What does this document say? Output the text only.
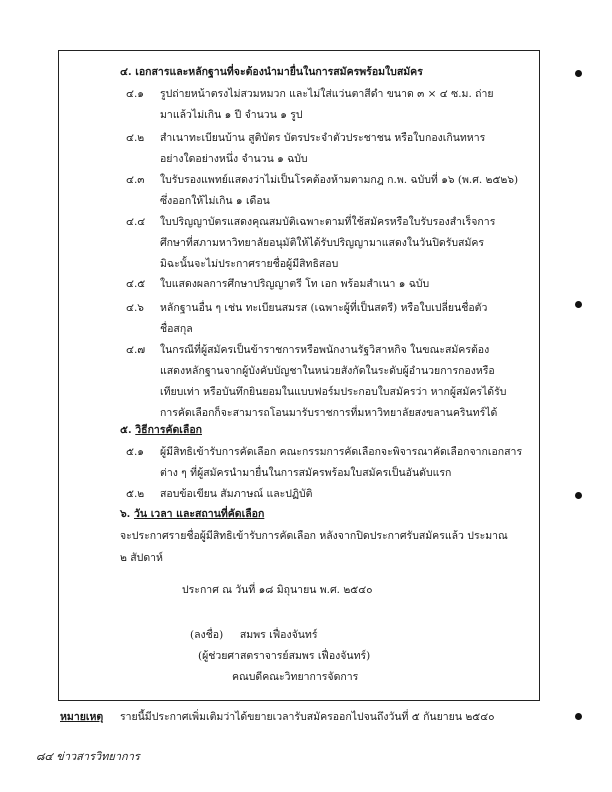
๔. เอกสารและหลักฐานที่จะต้องนำมายื่นในการสมัครพร้อมใบสมัคร
๔.๑ รูปถ่ายหน้าตรงไม่สวมหมวก และไม่ใส่แว่นตาสีดำ ขนาด ๓ × ๔ ซ.ม. ถ่าย
มาแล้วไม่เกิน ๑ ปี จำนวน ๑ รูป
๔.๒ สำเนาทะเบียนบ้าน สูติบัตร บัตรประจำตัวประชาชน หรือใบกองเกินทหาร
อย่างใดอย่างหนึ่ง จำนวน ๑ ฉบับ
๔.๓ ใบรับรองแพทย์แสดงว่าไม่เป็นโรคต้องห้ามตามกฎ ก.พ. ฉบับที่ ๑๖ (พ.ศ. ๒๕๒๖)
ซึ่งออกให้ไม่เกิน ๑ เดือน
๔.๔ ใบปริญญาบัตรแสดงคุณสมบัติเฉพาะตามที่ใช้สมัครหรือใบรับรองสำเร็จการ
ศึกษาที่สภามหาวิทยาลัยอนุมัติให้ได้รับปริญญามาแสดงในวันปิดรับสมัคร
มิฉะนั้นจะไม่ประกาศรายชื่อผู้มีสิทธิสอบ
๔.๕ ใบแสดงผลการศึกษาปริญญาตรี โท เอก พร้อมสำเนา ๑ ฉบับ
๔.๖ หลักฐานอื่น ๆ เช่น ทะเบียนสมรส (เฉพาะผู้ที่เป็นสตรี) หรือใบเปลี่ยนชื่อตัว
ชื่อสกุล
๔.๗ ในกรณีที่ผู้สมัครเป็นข้าราชการหรือพนักงานรัฐวิสาหกิจ ในขณะสมัครต้อง
แสดงหลักฐานจากผู้บังคับบัญชาในหน่วยสังกัดในระดับผู้อำนวยการกองหรือ
เทียบเท่า หรือบันทึกยินยอมในแบบฟอร์มประกอบใบสมัครว่า หากผู้สมัครได้รับ
การคัดเลือกก็จะสามารถโอนมารับราชการที่มหาวิทยาลัยสงขลานครินทร์ได้
๕. วิธีการคัดเลือก
๕.๑ ผู้มีสิทธิเข้ารับการคัดเลือก คณะกรรมการคัดเลือกจะพิจารณาคัดเลือกจากเอกสาร
ต่าง ๆ ที่ผู้สมัครนำมายื่นในการสมัครพร้อมใบสมัครเป็นอันดับแรก
๕.๒ สอบข้อเขียน สัมภาษณ์ และปฏิบัติ
๖. วัน เวลา และสถานที่คัดเลือก
จะประกาศรายชื่อผู้มีสิทธิเข้ารับการคัดเลือก หลังจากปิดประกาศรับสมัครแล้ว ประมาณ
๒ สัปดาห์
ประกาศ ณ วันที่ ๑๘ มิถุนายน พ.ศ. ๒๕๔๐
(ลงชื่อ) สมพร เฟื่องจันทร์
(ผู้ช่วยศาสตราจารย์สมพร เฟื่องจันทร์)
คณบดีคณะวิทยาการจัดการ
หมายเหตุ รายนี้มีประกาศเพิ่มเติมว่าได้ขยายเวลารับสมัครออกไปจนถึงวันที่ ๕ กันยายน ๒๕๔๐
๘๔ ข่าวสารวิทยาการ
